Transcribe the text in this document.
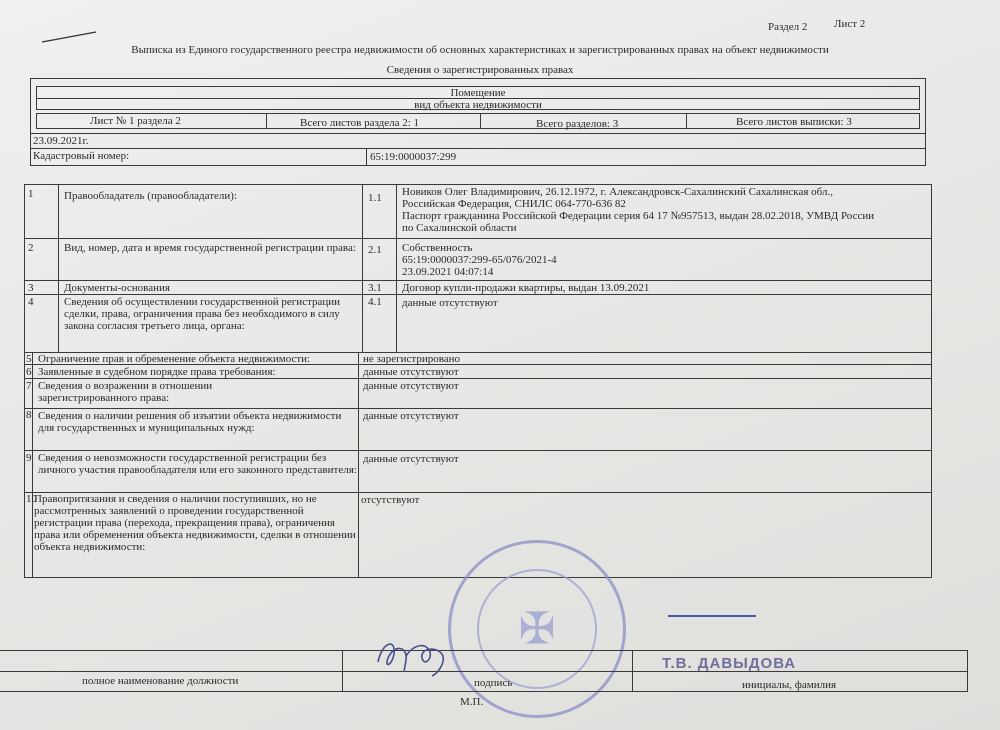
Раздел 2 Лист 2
Выписка из Единого государственного реестра недвижимости об основных характеристиках и зарегистрированных правах на объект недвижимости
Сведения о зарегистрированных правах
Помещение
вид объекта недвижимости
Лист № 1 раздела 2	Всего листов раздела 2: 1	Всего разделов: 3	Всего листов выписки: 3
23.09.2021г.
Кадастровый номер:	65:19:0000037:299
1	Правообладатель (правообладатели):	1.1 Новиков Олег Владимирович, 26.12.1972, г. Александровск-Сахалинский Сахалинская обл.,
Российская Федерация, СНИЛС 064-770-636 82
Паспорт гражданина Российской Федерации серия 64 17 №957513, выдан 28.02.2018, УМВД России
по Сахалинской области
2	Вид, номер, дата и время государственной регистрации права: 2.1 Собственность
65:19:0000037:299-65/076/2021-4
23.09.2021 04:07:14
3	Документы-основания	3.1 Договор купли-продажи квартиры, выдан 13.09.2021
4	Сведения об осуществлении государственной регистрации сделки, права, ограничения права без необходимого в силу закона согласия третьего лица, органа:
4.1 данные отсутствуют
5 Ограничение прав и обременение объекта недвижимости:	не зарегистрировано
6 Заявленные в судебном порядке права требования:	данные отсутствуют
7 Сведения о возражении в отношении зарегистрированного права:
данные отсутствуют
8 Сведения о наличии решения об изъятии объекта недвижимости для государственных и муниципальных нужд:
данные отсутствуют
9 Сведения о невозможности государственной регистрации без личного участия правообладателя или его законного представителя:
данные отсутствуют
10
Правопритязания и сведения о наличии поступивших, но не рассмотренных заявлений о проведении государственной регистрации права (перехода, прекращения права), ограничения права или обременения объекта недвижимости, сделки в отношении объекта недвижимости:
отсутствуют
✠
полное наименование должности	подпись	инициалы, фамилия
Т.В. ДАВЫДОВА
М.П.
